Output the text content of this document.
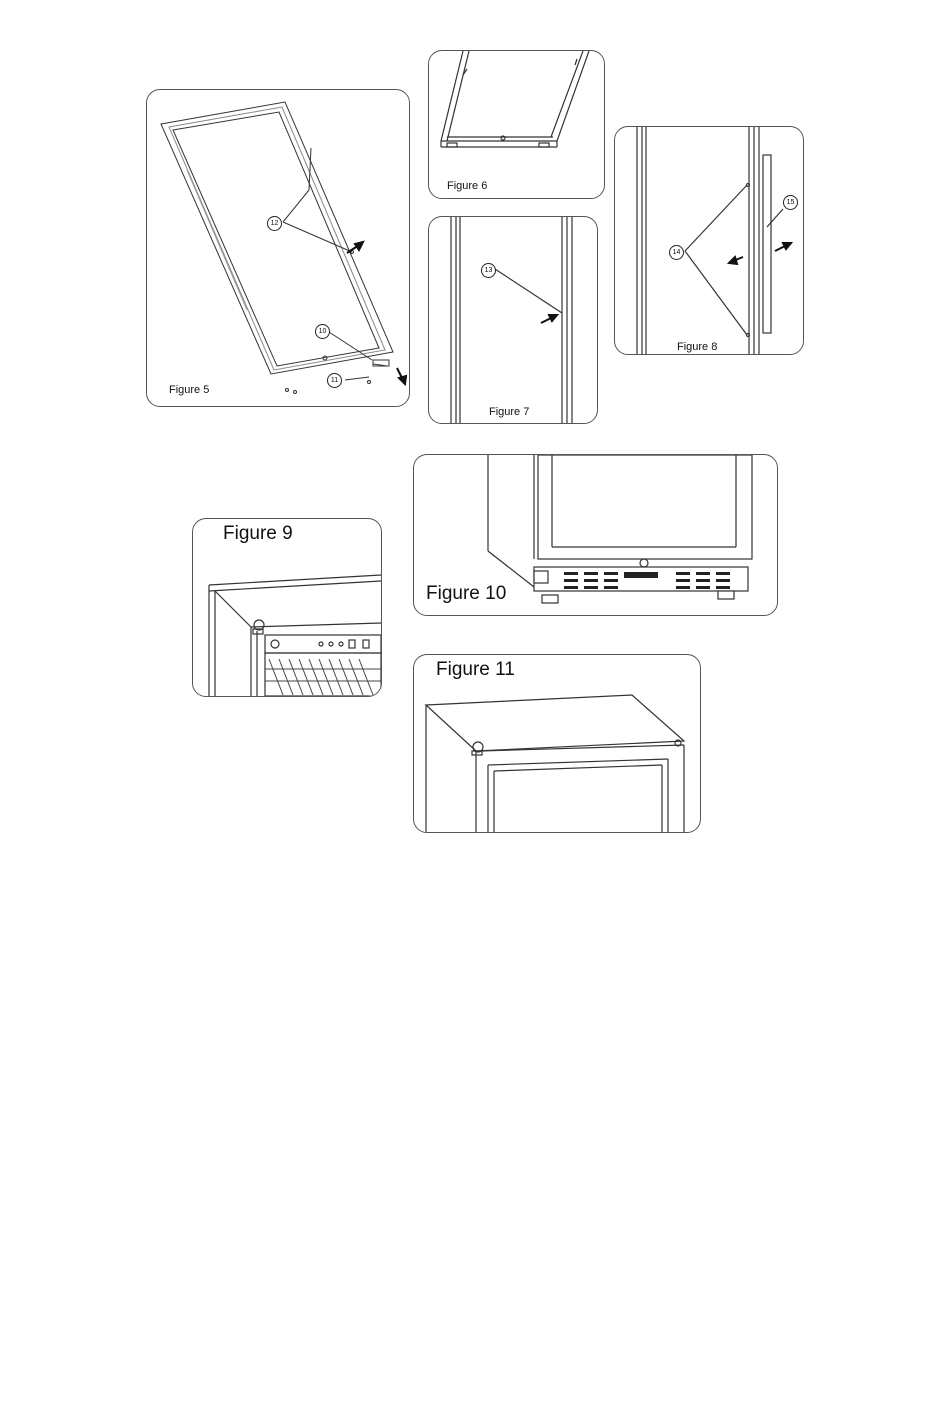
12
10
11
Figure 5
Figure 6
13
Figure 7
14
15
Figure 8
Figure 9
Figure 10
Figure 11
